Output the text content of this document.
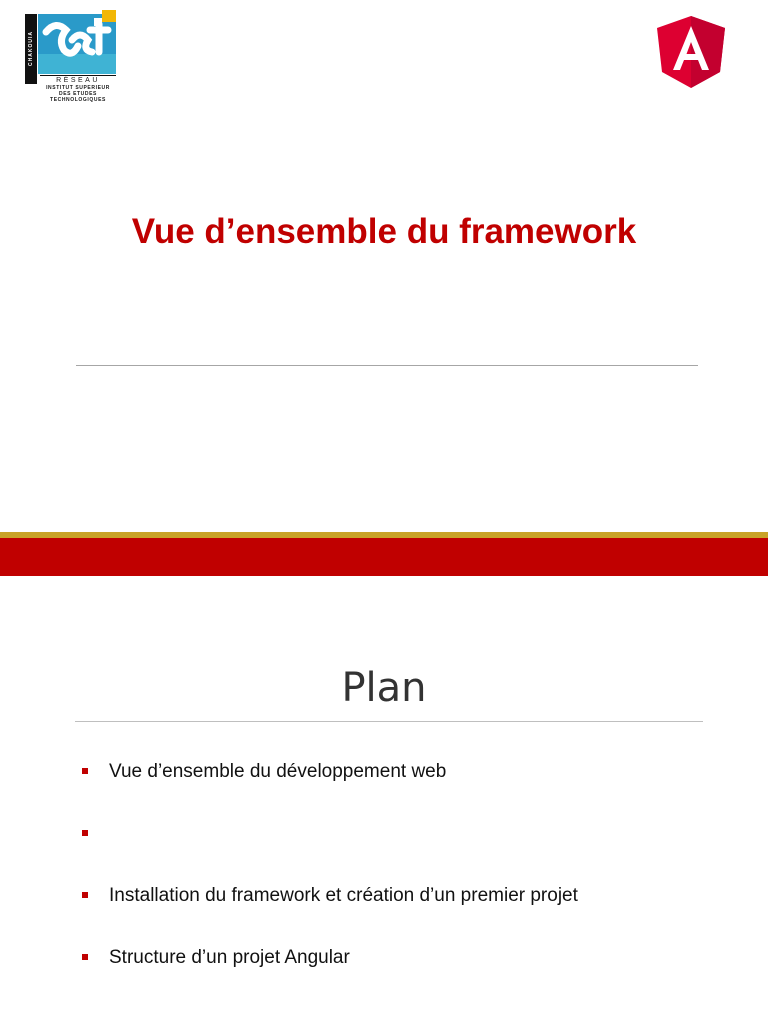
CHAKOUIA
RÉSEAU
INSTITUT SUPERIEUR
DES ETUDES
TECHNOLOGIQUES
Vue d’ensemble du framework
Plan
Vue d’ensemble du développement web
Installation du framework et création d’un premier projet
Structure d’un projet Angular
